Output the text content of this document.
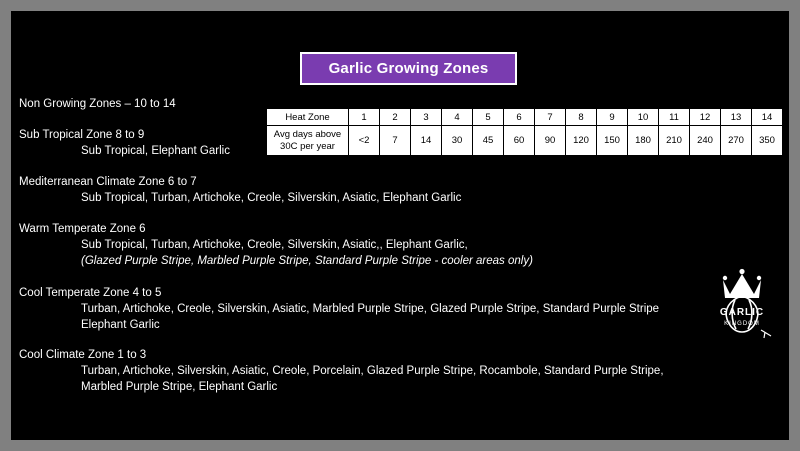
Garlic Growing Zones
Non Growing Zones – 10 to 14
Sub Tropical Zone 8 to 9
Sub Tropical, Elephant Garlic
Mediterranean Climate Zone 6 to 7
Sub Tropical, Turban, Artichoke, Creole, Silverskin, Asiatic, Elephant Garlic
Warm Temperate Zone 6
Sub Tropical, Turban, Artichoke, Creole, Silverskin, Asiatic,, Elephant Garlic,
(Glazed Purple Stripe, Marbled Purple Stripe, Standard Purple Stripe - cooler areas only)
Cool Temperate Zone 4 to 5
Turban, Artichoke, Creole, Silverskin, Asiatic, Marbled Purple Stripe, Glazed Purple Stripe, Standard Purple Stripe
Elephant Garlic
Cool Climate Zone 1 to 3
Turban, Artichoke, Silverskin, Asiatic, Creole, Porcelain, Glazed Purple Stripe, Rocambole, Standard Purple Stripe,
Marbled Purple Stripe, Elephant Garlic
Heat Zone	1	2	3	4	5	6	7	8	9	10	11	12	13	14
Avg days above 30C per year	<2	7	14	30	45	60	90	120	150	180	210	240	270	350
GARLIC
KINGDOM
